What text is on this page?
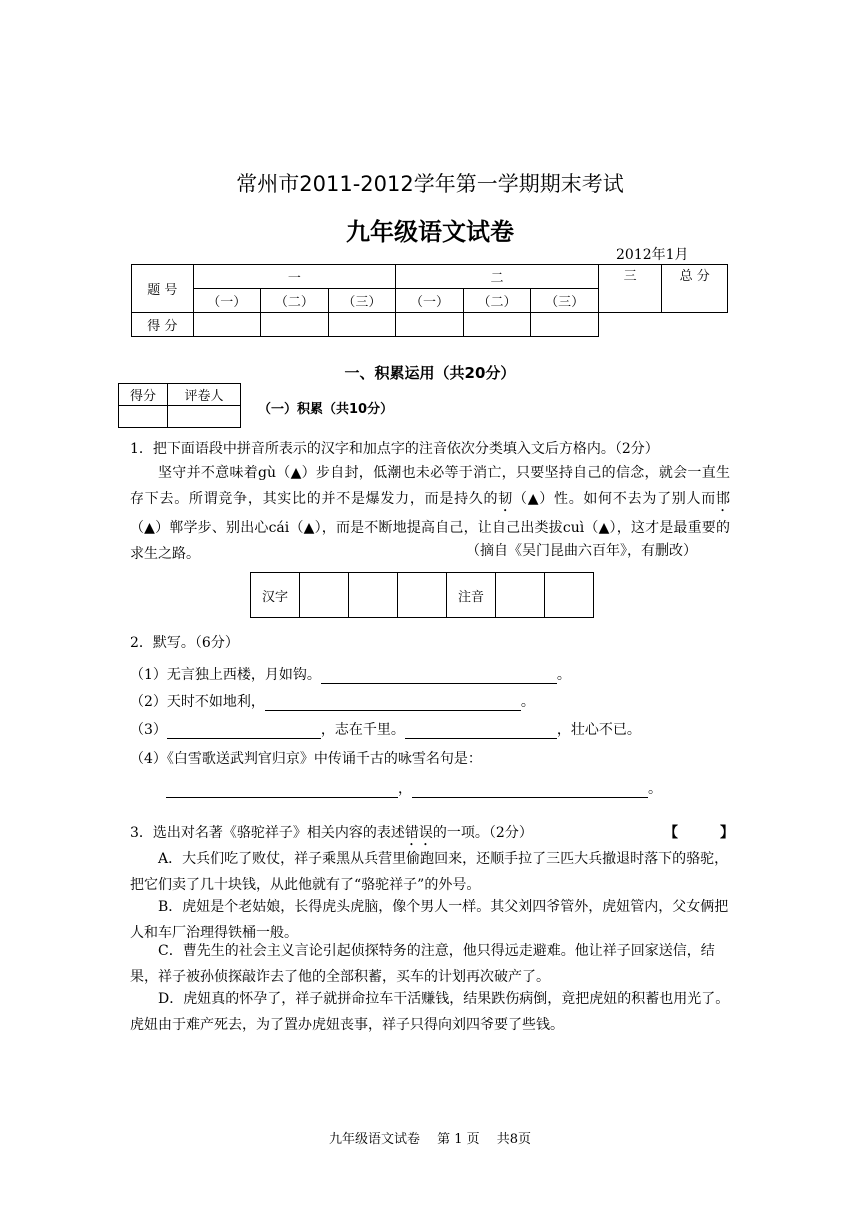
常州市2011-2012学年第一学期期末考试
九年级语文试卷
2012年1月
题 号	一			二			三	总 分
	（一）	（二）	（三）	（一）	（二）	（三）		
得 分								
一、积累运用（共20分）
得分	评卷人

（一）积累（共10分）
1．把下面语段中拼音所表示的汉字和加点字的注音依次分类填入文后方格内。（2分）
坚守并不意味着gù（▲）步自封，低潮也未必等于消亡，只要坚持自己的信念，就会一直生存下去。所谓竞争，其实比的并不是爆发力，而是持久的韧（▲）性。如何不去为了别人而邯（▲）郸学步、别出心cái（▲），而是不断地提高自己，让自己出类拔cuì（▲），这才是最重要的求生之路。	（摘自《吴门昆曲六百年》，有删改）
汉字				注音		
2．默写。（6分）
（1）无言独上西楼，月如钩。	。
（2）天时不如地利，	。
（3）	，志在千里。	，壮心不已。
（4）《白雪歌送武判官归京》中传诵千古的咏雪名句是：
，	。
3．选出对名著《骆驼祥子》相关内容的表述错误的一项。（2分）	【　　　】
A．大兵们吃了败仗，祥子乘黑从兵营里偷跑回来，还顺手拉了三匹大兵撤退时落下的骆驼，把它们卖了几十块钱，从此他就有了“骆驼祥子”的外号。
B．虎妞是个老姑娘，长得虎头虎脑，像个男人一样。其父刘四爷管外，虎妞管内，父女俩把人和车厂治理得铁桶一般。
C．曹先生的社会主义言论引起侦探特务的注意，他只得远走避难。他让祥子回家送信，结果，祥子被孙侦探敲诈去了他的全部积蓄，买车的计划再次破产了。
D．虎妞真的怀孕了，祥子就拼命拉车干活赚钱，结果跌伤病倒，竟把虎妞的积蓄也用光了。虎妞由于难产死去，为了置办虎妞丧事，祥子只得向刘四爷要了些钱。
九年级语文试卷　 第 1 页　 共8页
